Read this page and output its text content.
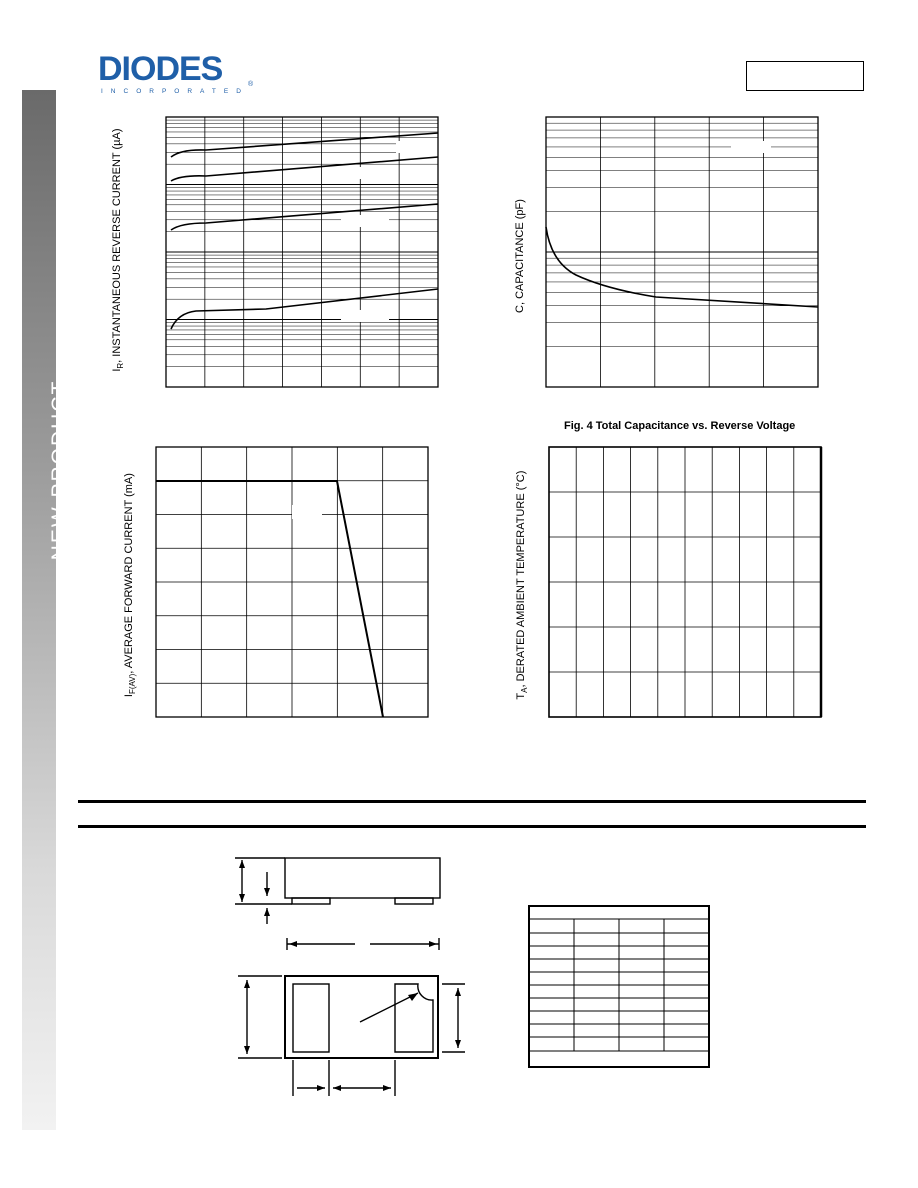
NEW PRODUCT
DIODES	®
INCORPORATED
$I_R$, INSTANTANEOUS REVERSE CURRENT (µA)	C, CAPACITANCE (pF)
Fig. 4 Total Capacitance vs. Reverse Voltage
$I_{F(AV)}$, AVERAGE FORWARD CURRENT (mA)
$T_A$, DERATED AMBIENT TEMPERATURE (°C)
